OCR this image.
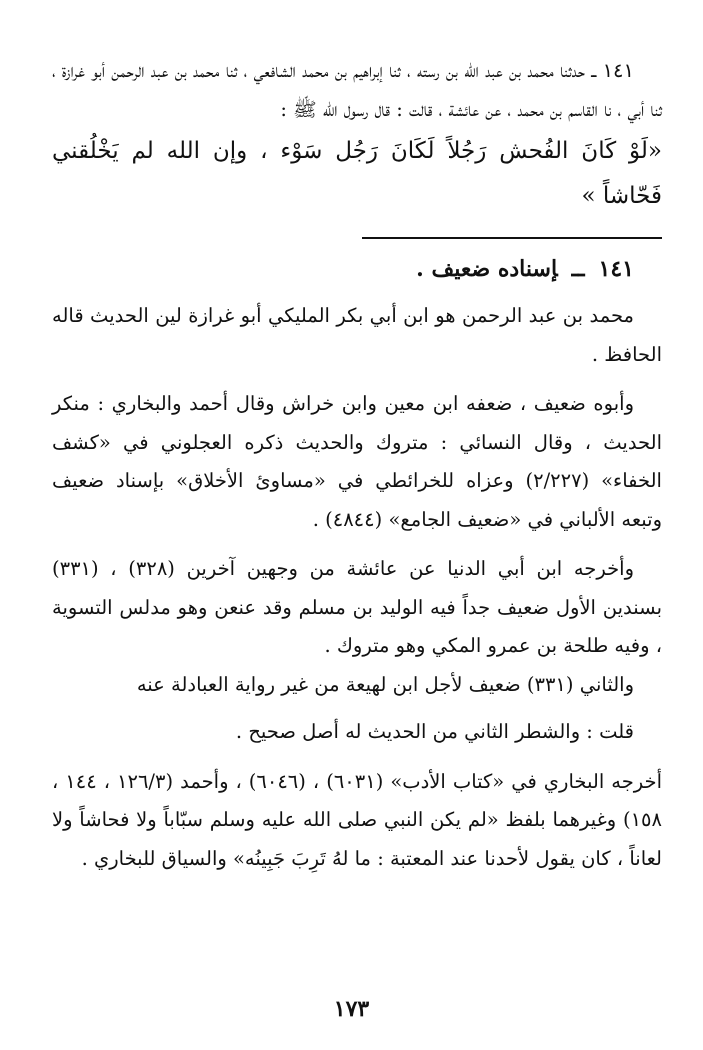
١٤١ ــ حدثنا محمد بن عبد الله بن رسته ، ثنا إبراهيم بن محمد الشافعي ، ثنا محمد بن عبد الرحمن أبو غرازة ، ثنا أبي ، نا القاسم بن محمد ، عن عائشة ، قالت : قال رسول الله ﷺ :

«لَوْ كَانَ الفُحش رَجُلاً لَكَانَ رَجُل سَوْء ، وإن الله لم يَخْلُقني فَحّاشاً »

١٤١ــإسناده ضعيف .

محمد بن عبد الرحمن هو ابن أبي بكر المليكي أبو غرازة لين الحديث قاله الحافظ .

وأبوه ضعيف ، ضعفه ابن معين وابن خراش وقال أحمد والبخاري : منكر الحديث ، وقال النسائي : متروك والحديث ذكره العجلوني في «كشف الخفاء» (٢/٢٢٧) وعزاه للخرائطي في «مساوئ الأخلاق» بإسناد ضعيف وتبعه الألباني في «ضعيف الجامع» (٤٨٤٤) .

وأخرجه ابن أبي الدنيا عن عائشة من وجهين آخرين (٣٢٨) ، (٣٣١) بسندين الأول ضعيف جداً فيه الوليد بن مسلم وقد عنعن وهو مدلس التسوية ، وفيه طلحة بن عمرو المكي وهو متروك .

والثاني (٣٣١) ضعيف لأجل ابن لهيعة من غير رواية العبادلة عنه

قلت : والشطر الثاني من الحديث له أصل صحيح .

أخرجه البخاري في «كتاب الأدب» (٦٠٣١) ، (٦٠٤٦) ، وأحمد (١٢٦/٣ ، ١٤٤ ، ١٥٨) وغيرهما بلفظ «لم يكن النبي صلى الله عليه وسلم سبّاباً ولا فحاشاً ولا لعاناً ، كان يقول لأحدنا عند المعتبة : ما لهُ تَرِبَ جَبِينُه» والسياق للبخاري .

١٧٣
